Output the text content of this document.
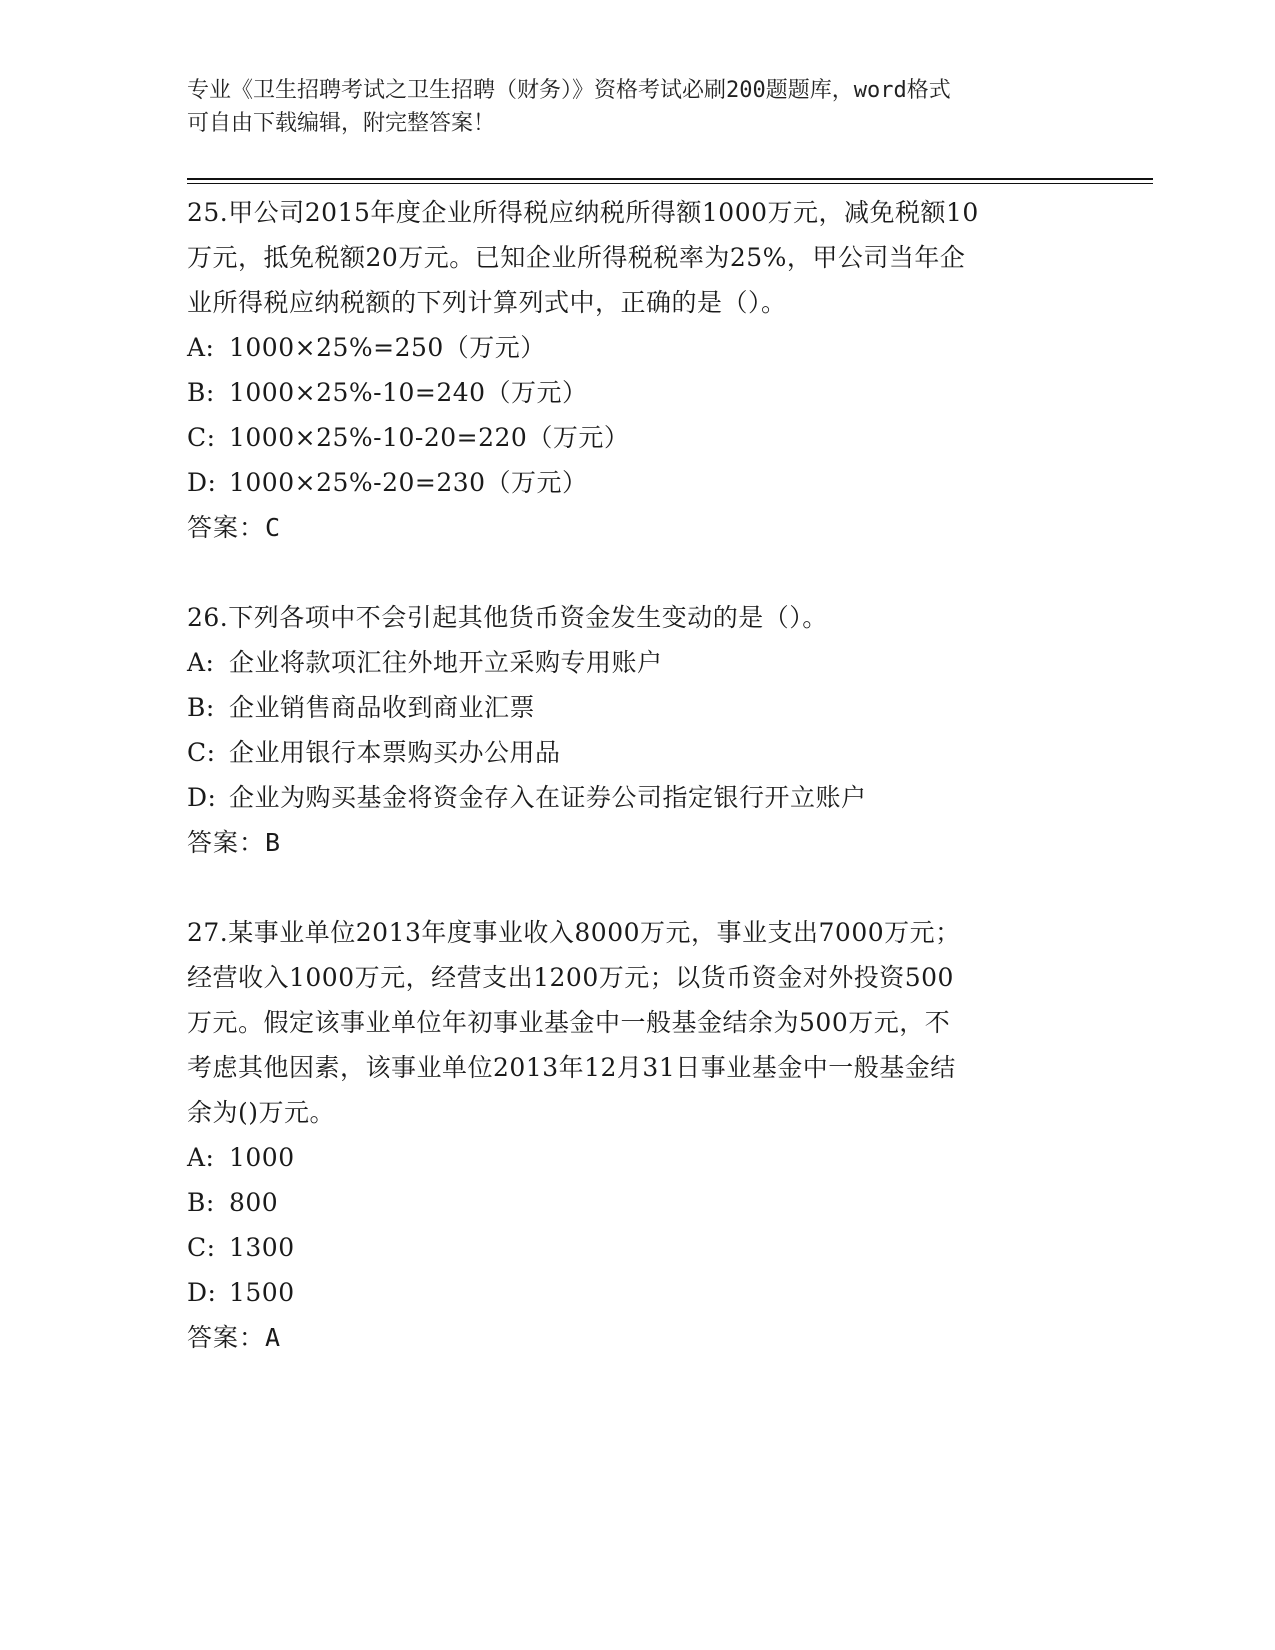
专业《卫生招聘考试之卫生招聘（财务）》资格考试必刷200题题库，word格式
可自由下载编辑，附完整答案！
25.甲公司2015年度企业所得税应纳税所得额1000万元，减免税额10
万元，抵免税额20万元。已知企业所得税税率为25%，甲公司当年企
业所得税应纳税额的下列计算列式中，正确的是（）。
A: 1000×25%=250（万元）
B: 1000×25%-10=240（万元）
C: 1000×25%-10-20=220（万元）
D: 1000×25%-20=230（万元）
答案：C
26.下列各项中不会引起其他货币资金发生变动的是（）。
A: 企业将款项汇往外地开立采购专用账户
B: 企业销售商品收到商业汇票
C: 企业用银行本票购买办公用品
D: 企业为购买基金将资金存入在证券公司指定银行开立账户
答案：B
27.某事业单位2013年度事业收入8000万元，事业支出7000万元；
经营收入1000万元，经营支出1200万元；以货币资金对外投资500
万元。假定该事业单位年初事业基金中一般基金结余为500万元，不
考虑其他因素，该事业单位2013年12月31日事业基金中一般基金结
余为()万元。
A: 1000
B: 800
C: 1300
D: 1500
答案：A
